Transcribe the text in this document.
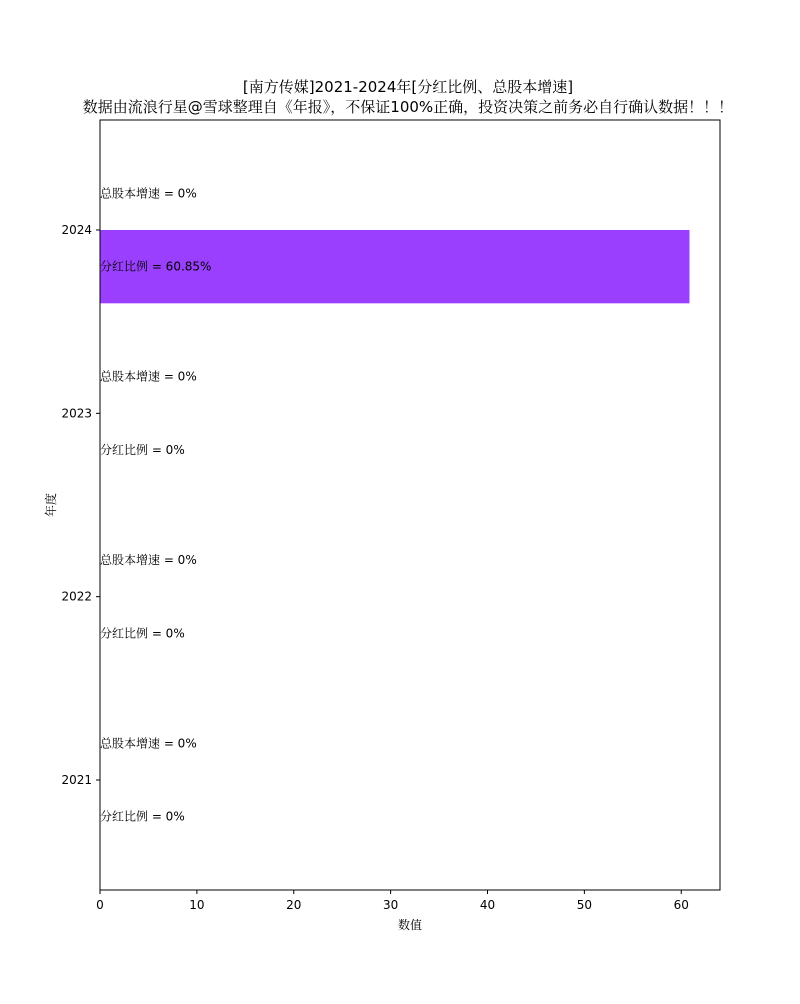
[南方传媒]2021-2024年[分红比例、总股本增速]
数据由流浪行星@雪球整理自《年报》，不保证100%正确，投资决策之前务必自行确认数据！！！
分红比例 = 0%
总股本增速 = 0%
分红比例 = 0%
总股本增速 = 0%
分红比例 = 0%
总股本增速 = 0%
分红比例 = 60.85%
总股本增速 = 0%
0	10	20	30	40	50	60
2021
2022
2023
2024
数值
年度
